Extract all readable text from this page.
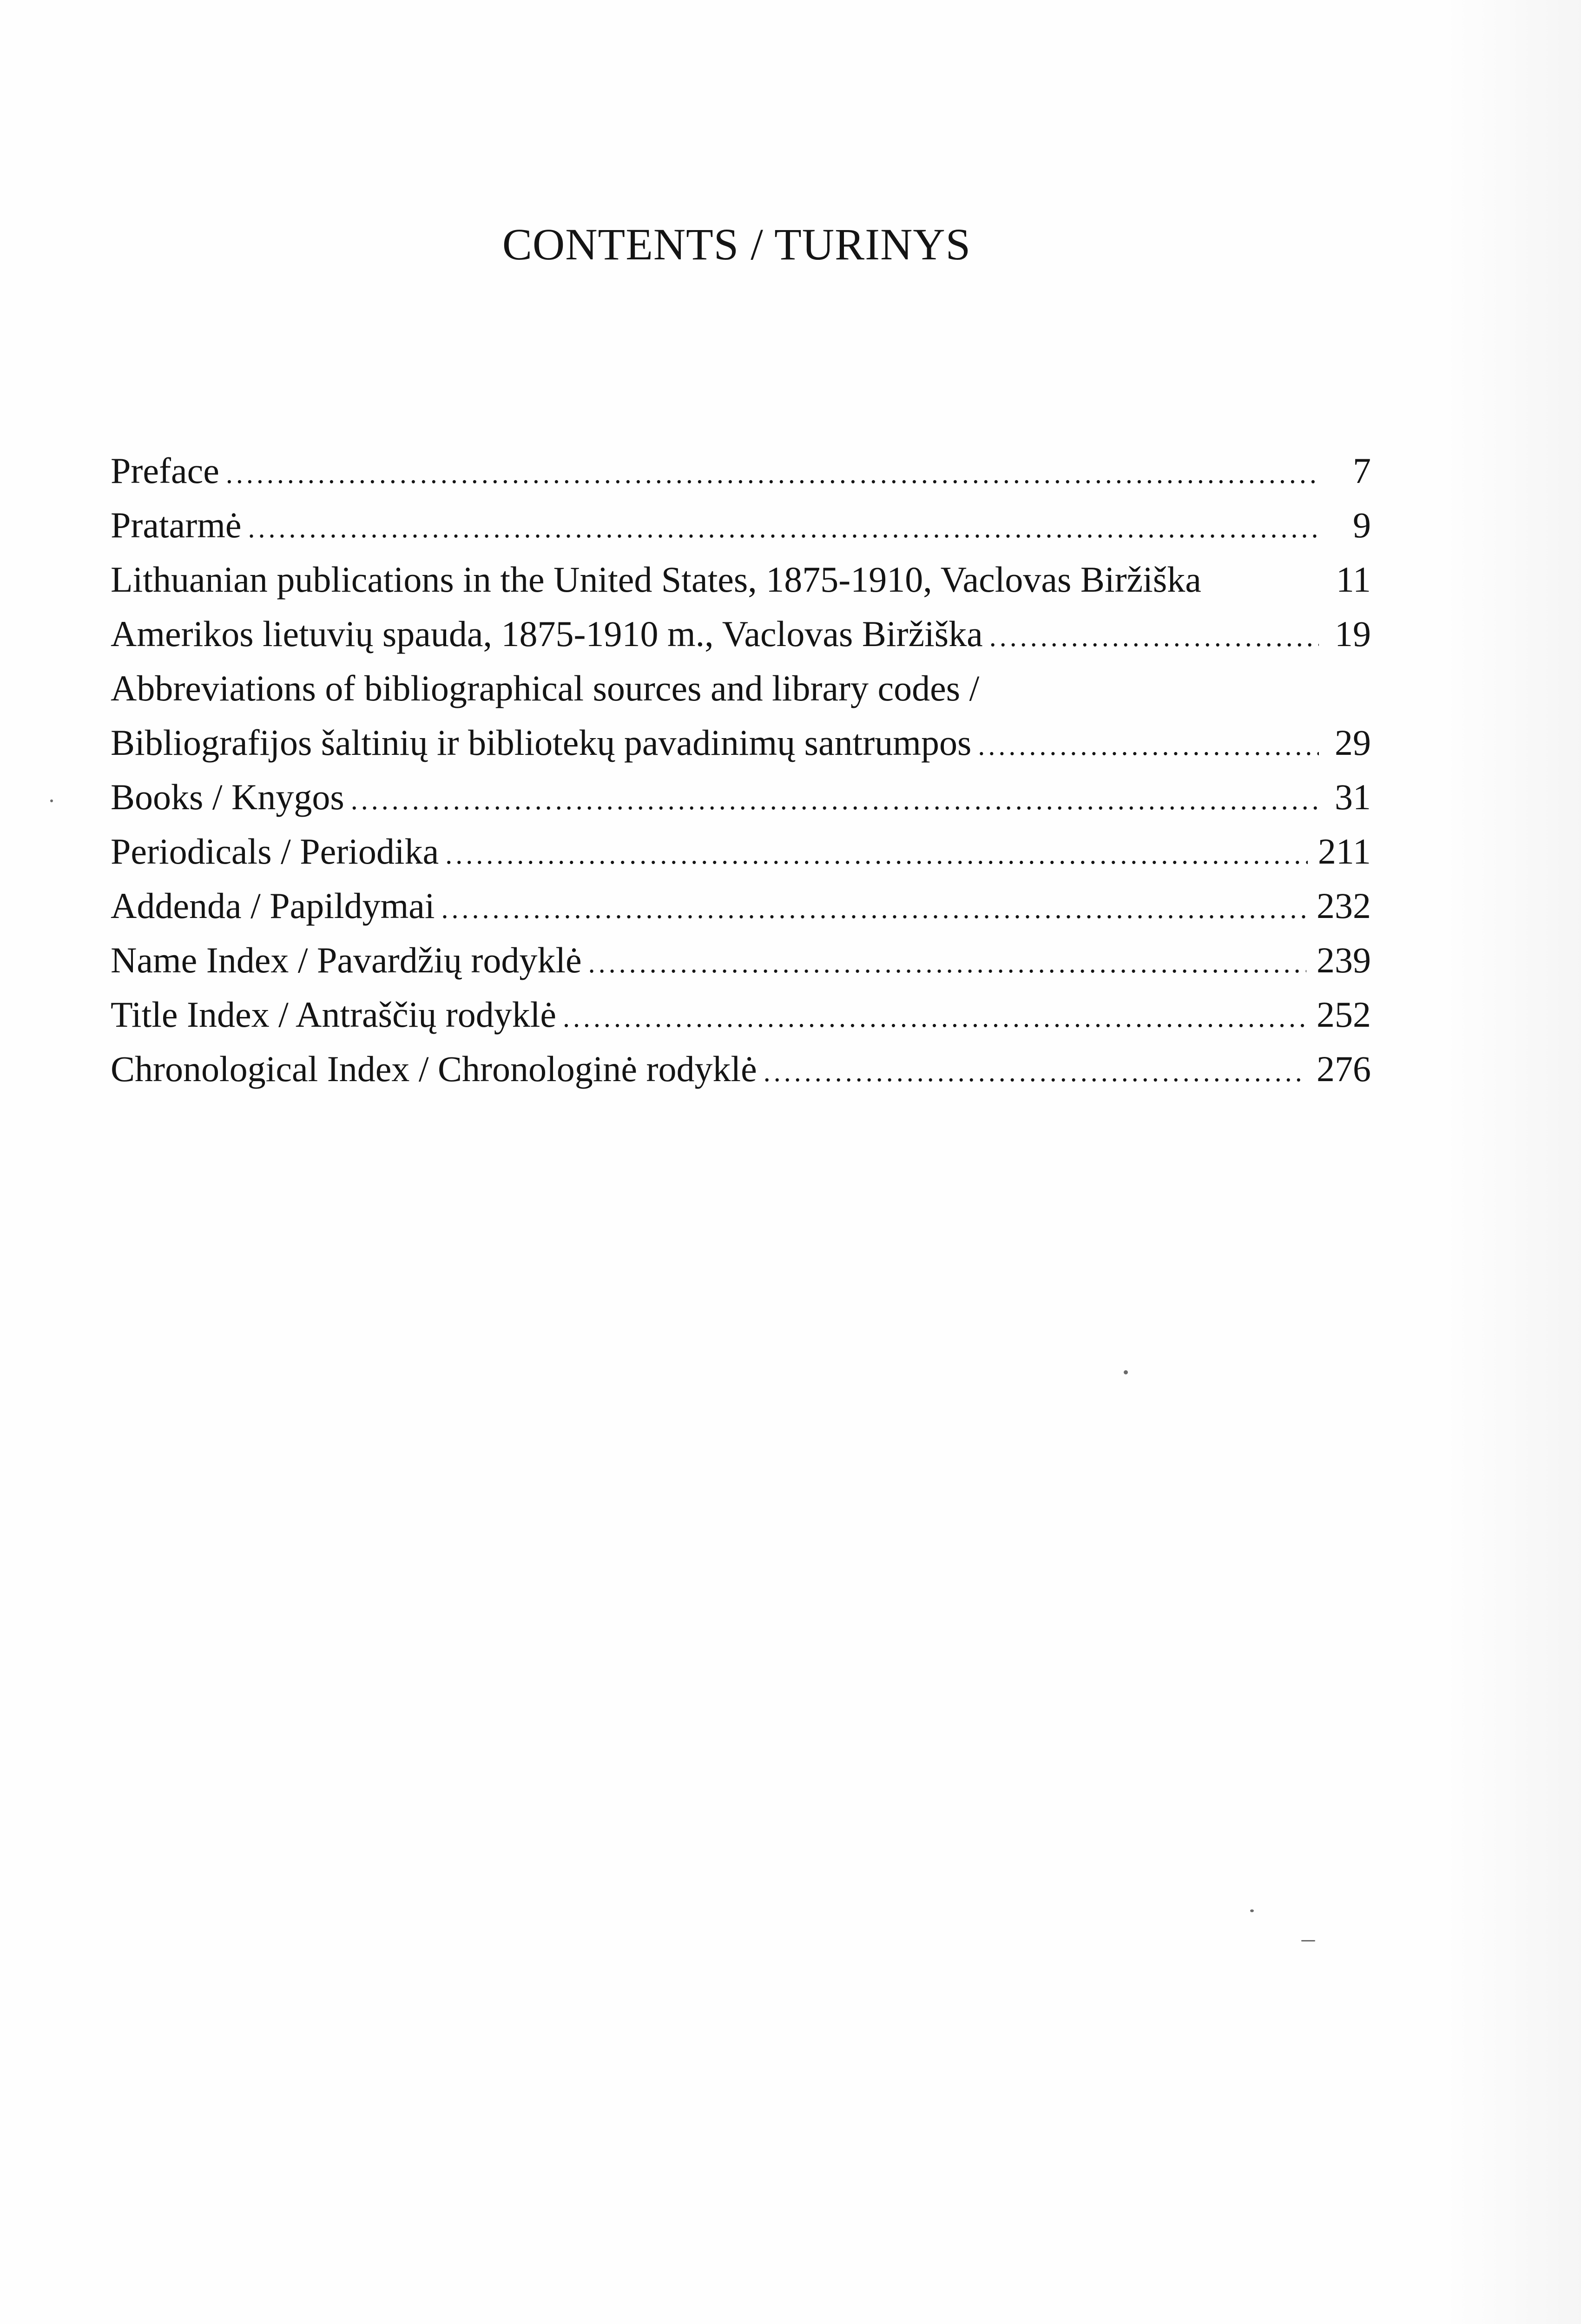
CONTENTS / TURINYS
Preface .....	7
Pratarmė .....	9
Lithuanian publications in the United States, 1875-1910, Vaclovas Biržiška	11
Amerikos lietuvių spauda, 1875-1910 m., Vaclovas Biržiška .....	19
Abbreviations of bibliographical sources and library codes /
Bibliografijos šaltinių ir bibliotekų pavadinimų santrumpos .....	29
Books / Knygos .....	31
Periodicals / Periodika .....	211
Addenda / Papildymai .....	232
Name Index / Pavardžių rodyklė .....	239
Title Index / Antraščių rodyklė .....	252
Chronological Index / Chronologinė rodyklė .....	276
